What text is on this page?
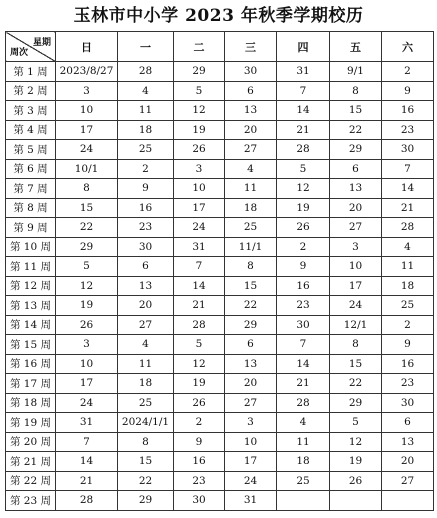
玉林市中小学 2023 年秋季学期校历
星期
周次	日	一	二	三	四	五	六
第 1 周	2023/8/27	28	29	30	31	9/1	2
第 2 周	3	4	5	6	7	8	9
第 3 周	10	11	12	13	14	15	16
第 4 周	17	18	19	20	21	22	23
第 5 周	24	25	26	27	28	29	30
第 6 周	10/1	2	3	4	5	6	7
第 7 周	8	9	10	11	12	13	14
第 8 周	15	16	17	18	19	20	21
第 9 周	22	23	24	25	26	27	28
第 10 周	29	30	31	11/1	2	3	4
第 11 周	5	6	7	8	9	10	11
第 12 周	12	13	14	15	16	17	18
第 13 周	19	20	21	22	23	24	25
第 14 周	26	27	28	29	30	12/1	2
第 15 周	3	4	5	6	7	8	9
第 16 周	10	11	12	13	14	15	16
第 17 周	17	18	19	20	21	22	23
第 18 周	24	25	26	27	28	29	30
第 19 周	31	2024/1/1	2	3	4	5	6
第 20 周	7	8	9	10	11	12	13
第 21 周	14	15	16	17	18	19	20
第 22 周	21	22	23	24	25	26	27
第 23 周	28	29	30	31			
